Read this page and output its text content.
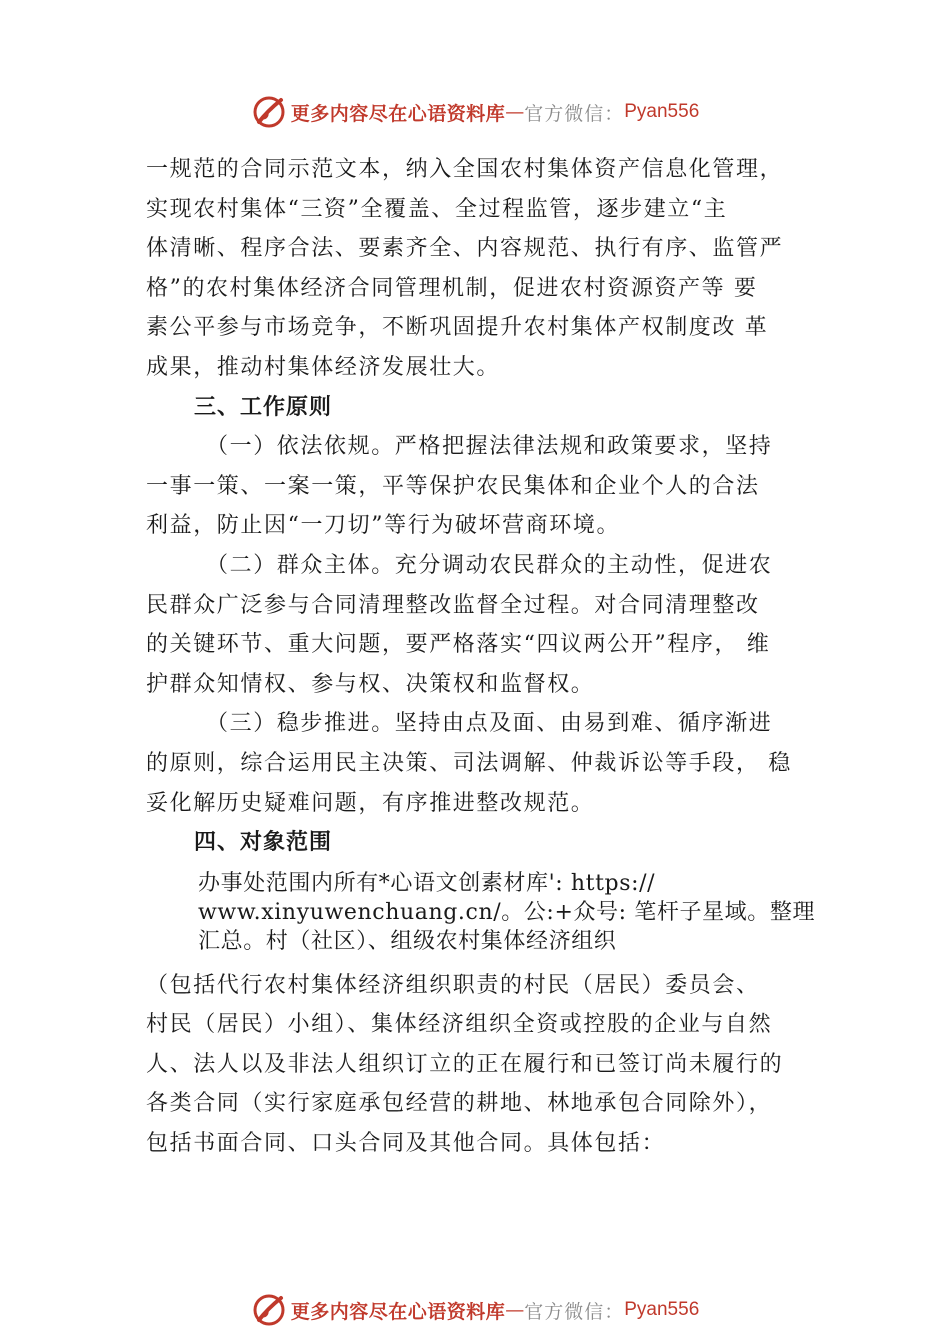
更多内容尽在心语资料库 — 官方微信： Pyan556
一规范的合同示范文本，纳入全国农村集体资产信息化管理，
实现农村集体“三资”全覆盖、全过程监管，逐步建立“主
体清晰、程序合法、要素齐全、内容规范、执行有序、监管严
格”的农村集体经济合同管理机制，促进农村资源资产等 要
素公平参与市场竞争，不断巩固提升农村集体产权制度改 革
成果，推动村集体经济发展壮大。
三、工作原则
（一）依法依规。严格把握法律法规和政策要求，坚持
一事一策、一案一策，平等保护农民集体和企业个人的合法
利益，防止因“一刀切”等行为破坏营商环境。
（二）群众主体。充分调动农民群众的主动性，促进农
民群众广泛参与合同清理整改监督全过程。对合同清理整改
的关键环节、重大问题，要严格落实“四议两公开”程序， 维
护群众知情权、参与权、决策权和监督权。
（三）稳步推进。坚持由点及面、由易到难、循序渐进
的原则，综合运用民主决策、司法调解、仲裁诉讼等手段， 稳
妥化解历史疑难问题，有序推进整改规范。
四、对象范围
办事处范围内所有*心语文创素材库': https://
www.xinyuwenchuang.cn/。公:+众号: 笔杆子星域。整理
汇总。村（社区）、组级农村集体经济组织
（包括代行农村集体经济组织职责的村民（居民）委员会、
村民（居民）小组）、集体经济组织全资或控股的企业与自然
人、法人以及非法人组织订立的正在履行和已签订尚未履行的
各类合同（实行家庭承包经营的耕地、林地承包合同除外），
包括书面合同、口头合同及其他合同。具体包括：
更多内容尽在心语资料库 — 官方微信： Pyan556
